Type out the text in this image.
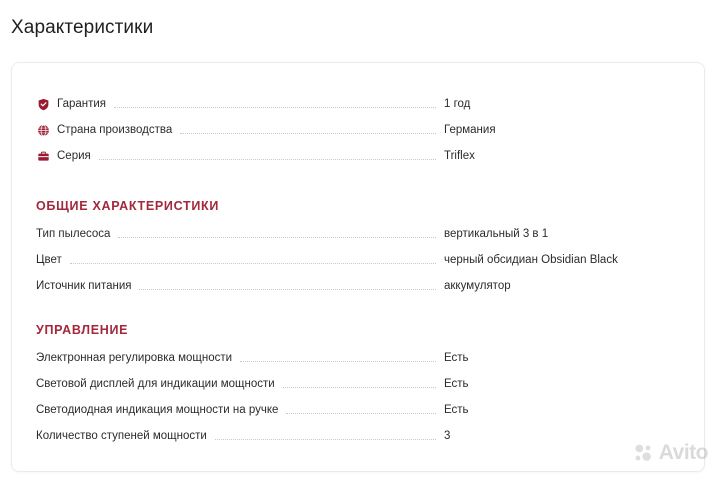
Характеристики
Гарантия	1 год
Страна производства	Германия
Серия	Triflex
ОБЩИЕ ХАРАКТЕРИСТИКИ
Тип пылесоса	вертикальный 3 в 1
Цвет	черный обсидиан Obsidian Black
Источник питания	аккумулятор
УПРАВЛЕНИЕ
Электронная регулировка мощности	Есть
Световой дисплей для индикации мощности	Есть
Светодиодная индикация мощности на ручке	Есть
Количество ступеней мощности	3
Avito
